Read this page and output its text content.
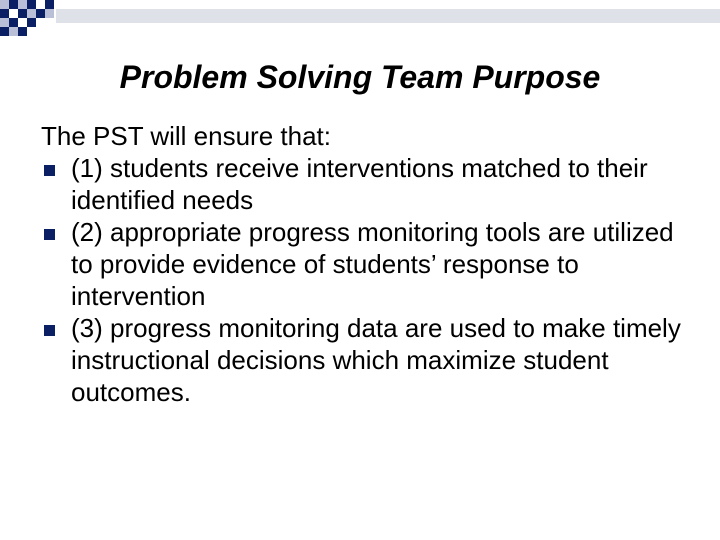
Problem Solving Team Purpose

The PST will ensure that:

(1) students receive interventions matched to their identified needs
(2) appropriate progress monitoring tools are utilized to provide evidence of students’ response to intervention
(3) progress monitoring data are used to make timely instructional decisions which maximize student outcomes.
